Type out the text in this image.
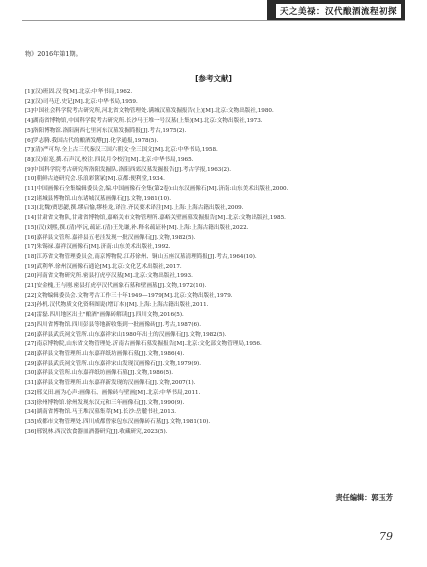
天之美禄：汉代酿酒流程初探
物》2016年第1期。
[参考文献]
[1](汉)班固.汉书[M].北京:中华书局,1962.
[2](汉)司马迁.史记[M].北京:中华书局,1959.
[3]中国社会科学院考古研究所,河北省文物管理处.满城汉墓发掘报告(上)[M].北京:文物出版社,1980.
[4]湖南省博物馆,中国科学院考古研究所.长沙马王堆一号汉墓(上集)[M].北京:文物出版社,1973.
[5]洛阳博物馆.洛阳涧西七里河东汉墓发掘简报[J].考古,1975(2).
[6]罗志腾.我国古代的酿酒发酵[J].化学通报,1978(5).
[7](清)严可均.全上古三代秦汉三国六朝文·全三国文[M].北京:中华书局,1958.
[8](汉)崔寔,撰.石声汉,校注.四民月令校注[M].北京:中华书局,1965.
[9]中国科学院考古研究所洛阳发掘队.洛阳西郊汉墓发掘报告[J].考古学报,1963(2).
[10]朝鲜古迹研究会.乐浪彩箧冢[M].京都:便利堂,1934.
[11]中国画像石全集编辑委员会,编.中国画像石全集(第2卷):山东汉画像石[M].济南:山东美术出版社,2000.
[12]诸城县博物馆.山东诸城汉墓画像石[J].文物,1981(10).
[13](北魏)贾思勰,撰.缪启愉,缪桂龙,译注.齐民要术译注[M].上海:上海古籍出版社,2009.
[14]甘肃省文物队,甘肃省博物馆,嘉峪关市文物管理所.嘉峪关壁画墓发掘报告[M].北京:文物出版社,1985.
[15](汉)刘熙,撰.(清)毕沅,疏证.(清)王先谦,补.释名疏证补[M].上海:上海古籍出版社,2022.
[16]嘉祥县文管所.嘉祥县五老洼发现一批汉画像石[J].文物,1982(5).
[17]朱锡禄.嘉祥汉画像石[M].济南:山东美术出版社,1992.
[18]江苏省文物管理委员会,南京博物院.江苏徐州、铜山五座汉墓清理简报[J].考古,1964(10).
[19]武利华.徐州汉画像石通论[M].北京:文化艺术出版社,2017.
[20]河南省文物研究所.密县打虎亭汉墓[M].北京:文物出版社,1993.
[21]安金槐,王与刚.密县打虎亭汉代画象石墓和壁画墓[J].文物,1972(10).
[22]文物编辑委员会.文物考古工作三十年1949—1979[M].北京:文物出版社,1979.
[23]孙机.汉代物质文化资料图说(增订本)[M].上海:上海古籍出版社,2011.
[24]雷磊.四川地区出土"酿酒"画像砖解读[J].四川文物,2016(5).
[25]四川省博物馆.四川彭县等地新收集到一批画像砖[J].考古,1987(6).
[26]嘉祥县武氏祠文管所.山东嘉祥宋山1980年出土的汉画像石[J].文物,1982(5).
[27]南京博物院,山东省文物管理处.沂南古画像石墓发掘报告[M].北京:文化部文物管理局,1956.
[28]嘉祥县文物管理所.山东嘉祥纸坊画像石墓[J].文物,1986(4).
[29]嘉祥县武氏祠文管所.山东嘉祥宋山发现汉画像石[J].文物,1979(9).
[30]嘉祥县文管所.山东嘉祥纸坊画像石墓[J].文物,1986(5).
[31]嘉祥县文物管理所.山东嘉祥新发现的汉画像石[J].文物,2007(1).
[32]邢义田.画为心声:画像石、画像砖与壁画[M].北京:中华书局,2011.
[33]徐州博物馆.徐州发现东汉元和三年画像石[J].文物,1990(9).
[34]湖南省博物馆.马王堆汉墓集萃[M].长沙:岳麓书社,2013.
[35]成都市文物管理处.四川成都曾家包东汉画像砖石墓[J].文物,1981(10).
[36]邢锐林.西汉饮食器皿酒器研究[J].收藏研究,2023(5).
责任编辑：郭玉芳
79
